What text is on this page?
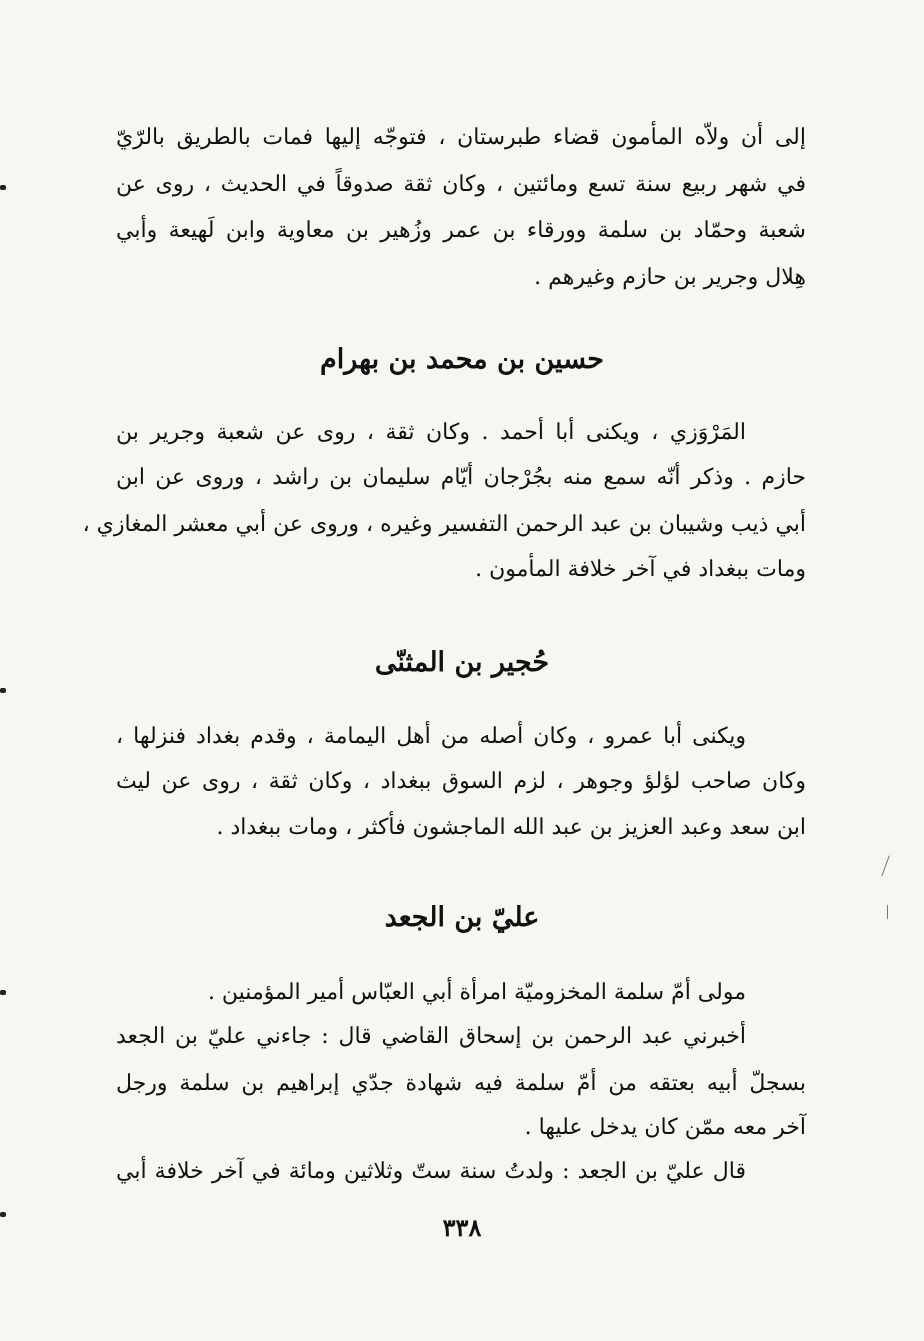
إلى أن ولاّه المأمون قضاء طبرستان ، فتوجّه إليها فمات بالطريق بالرّيّ
في شهر ربيع سنة تسع ومائتين ، وكان ثقة صدوقاً في الحديث ، روى عن
شعبة وحمّاد بن سلمة وورقاء بن عمر وزُهير بن معاوية وابن لَهيعة وأبي
هِلال وجرير بن حازم وغيرهم .
حسين بن محمد بن بهرام
المَرْوَزي ، ويكنى أبا أحمد . وكان ثقة ، روى عن شعبة وجرير بن
حازم . وذكر أنّه سمع منه بجُرْجان أيّام سليمان بن راشد ، وروى عن ابن
أبي ذيب وشيبان بن عبد الرحمن التفسير وغيره ، وروى عن أبي معشر المغازي ،
ومات ببغداد في آخر خلافة المأمون .
حُجير بن المثنّى
ويكنى أبا عمرو ، وكان أصله من أهل اليمامة ، وقدم بغداد فنزلها ،
وكان صاحب لؤلؤ وجوهر ، لزم السوق ببغداد ، وكان ثقة ، روى عن ليث
ابن سعد وعبد العزيز بن عبد الله الماجشون فأكثر ، ومات ببغداد .
عليّ بن الجعد
مولى أمّ سلمة المخزوميّة امرأة أبي العبّاس أمير المؤمنين .
أخبرني عبد الرحمن بن إسحاق القاضي قال : جاءني عليّ بن الجعد
بسجلّ أبيه بعتقه من أمّ سلمة فيه شهادة جدّي إبراهيم بن سلمة ورجل
آخر معه ممّن كان يدخل عليها .
قال عليّ بن الجعد : ولدتُ سنة ستّ وثلاثين ومائة في آخر خلافة أبي
٣٣٨
